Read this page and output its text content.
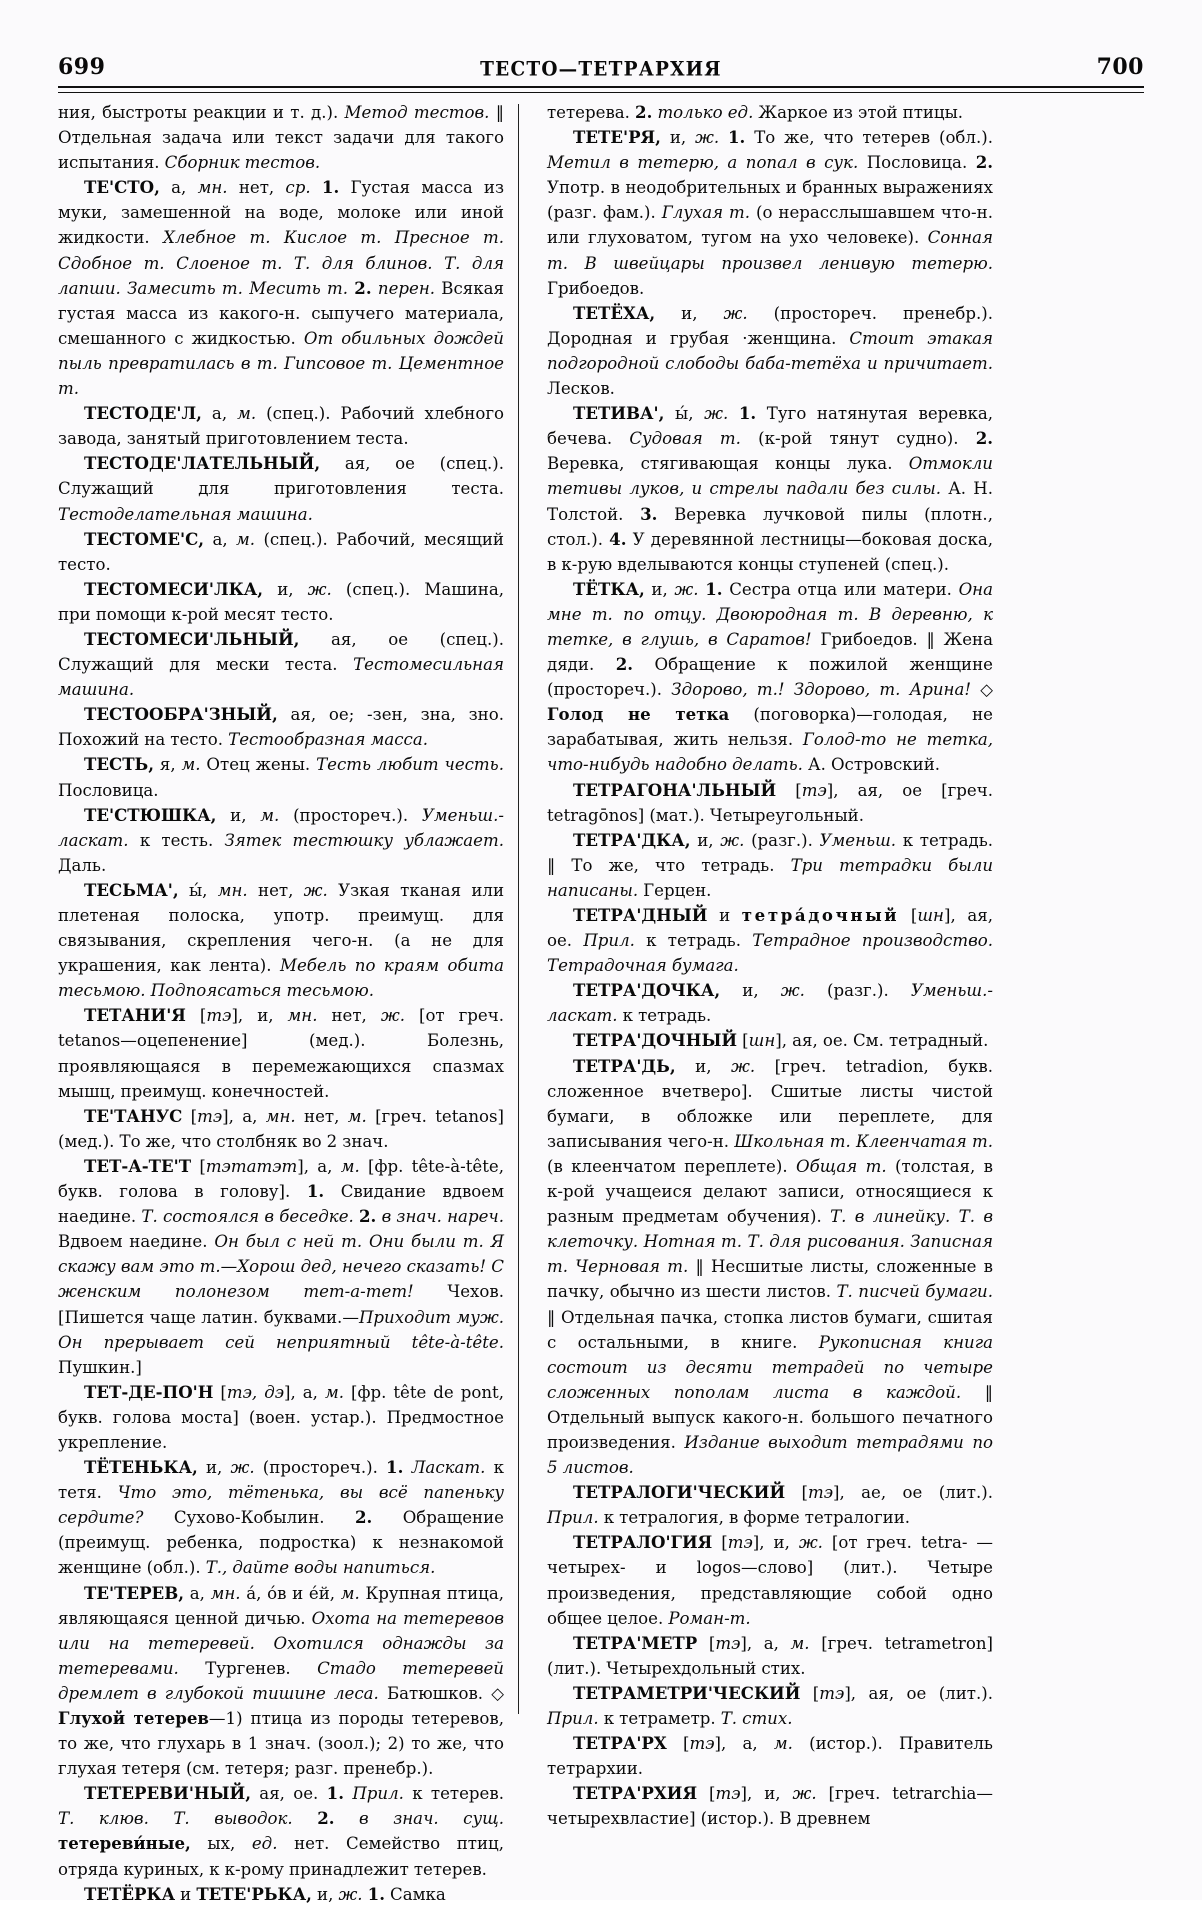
699	ТЕСТО—ТЕТРАРХИЯ	700

ния, быстроты реакции и т. д.). Метод тестов. ‖ Отдельная задача или текст задачи для такого испытания. Сборник тестов.

ТЕ'СТО, а, мн. нет, ср. 1. Густая масса из муки, замешенной на воде, молоке или иной жидкости. Хлебное т. Кислое т. Пресное т. Сдобное т. Слоеное т. Т. для блинов. Т. для лапши. Замесить т. Месить т. 2. перен. Всякая густая масса из какого-н. сыпучего материала, смешанного с жидкостью. От обильных дождей пыль превратилась в т. Гипсовое т. Цементное т.

ТЕСТОДЕ'Л, а, м. (спец.). Рабочий хлебного завода, занятый приготовлением теста.

ТЕСТОДЕ'ЛАТЕЛЬНЫЙ, ая, ое (спец.). Служащий для приготовления теста. Тестоделательная машина.

ТЕСТОМЕ'С, а, м. (спец.). Рабочий, месящий тесто.

ТЕСТОМЕСИ'ЛКА, и, ж. (спец.). Машина, при помощи к-рой месят тесто.

ТЕСТОМЕСИ'ЛЬНЫЙ, ая, ое (спец.). Служащий для мески теста. Тестомесильная машина.

ТЕСТООБРА'ЗНЫЙ, ая, ое; -зен, зна, зно. Похожий на тесто. Тестообразная масса.

ТЕСТЬ, я, м. Отец жены. Тесть любит честь. Пословица.

ТЕ'СТЮШКА, и, м. (простореч.). Уменьш.-ласкат. к тесть. Зятек тестюшку ублажает. Даль.

ТЕСЬМА', ы́, мн. нет, ж. Узкая тканая или плетеная полоска, употр. преимущ. для связывания, скрепления чего-н. (а не для украшения, как лента). Мебель по краям обита тесьмою. Подпоясаться тесьмою.

ТЕТАНИ'Я [тэ], и, мн. нет, ж. [от греч. tetanos—оцепенение] (мед.). Болезнь, проявляющаяся в перемежающихся спазмах мышц, преимущ. конечностей.

ТЕ'ТАНУС [тэ], а, мн. нет, м. [греч. tetanos] (мед.). То же, что столбняк во 2 знач.

ТЕТ-А-ТЕ'Т [тэтатэт], а, м. [фр. tête-à-tête, букв. голова в голову]. 1. Свидание вдвоем наедине. Т. состоялся в беседке. 2. в знач. нареч. Вдвоем наедине. Он был с ней т. Они были т. Я скажу вам это т.—Хорош дед, нечего сказать! С женским полонезом тет-а-тет! Чехов. [Пишется чаще латин. буквами.—Приходит муж. Он прерывает сей неприятный tête-à-tête. Пушкин.]

ТЕТ-ДЕ-ПО'Н [тэ, дэ], а, м. [фр. tête de pont, букв. голова моста] (воен. устар.). Предмостное укрепление.

ТЁТЕНЬКА, и, ж. (простореч.). 1. Ласкат. к тетя. Что это, тётенька, вы всё папеньку сердите? Сухово-Кобылин. 2. Обращение (преимущ. ребенка, подростка) к незнакомой женщине (обл.). Т., дайте воды напиться.

ТЕ'ТЕРЕВ, а, мн. а́, о́в и е́й, м. Крупная птица, являющаяся ценной дичью. Охота на тетеревов или на тетеревей. Охотился однажды за тетеревами. Тургенев. Стадо тетеревей дремлет в глубокой тишине леса. Батюшков. ◇ Глухой тетерев—1) птица из породы тетеревов, то же, что глухарь в 1 знач. (зоол.); 2) то же, что глухая тетеря (см. тетеря; разг. пренебр.).

ТЕТЕРЕВИ'НЫЙ, ая, ое. 1. Прил. к тетерев. Т. клюв. Т. выводок. 2. в знач. сущ. тетереви́ные, ых, ед. нет. Семейство птиц, отряда куриных, к к-рому принадлежит тетерев.

ТЕТЁРКА и ТЕТЕ'РЬКА, и, ж. 1. Самка

тетерева. 2. только ед. Жаркое из этой птицы.

ТЕТЕ'РЯ, и, ж. 1. То же, что тетерев (обл.). Метил в тетерю, а попал в сук. Пословица. 2. Употр. в неодобрительных и бранных выражениях (разг. фам.). Глухая т. (о нерасслышавшем что-н. или глуховатом, тугом на ухо человеке). Сонная т. В швейцары произвел ленивую тетерю. Грибоедов.

ТЕТЁХА, и, ж. (простореч. пренебр.). Дородная и грубая ·женщина. Стоит этакая подгородной слободы баба-тетёха и причитает. Лесков.

ТЕТИВА', ы́, ж. 1. Туго натянутая веревка, бечева. Судовая т. (к-рой тянут судно). 2. Веревка, стягивающая концы лука. Отмокли тетивы луков, и стрелы падали без силы. А. Н. Толстой. 3. Веревка лучковой пилы (плотн., стол.). 4. У деревянной лестницы—боковая доска, в к-рую вделываются концы ступеней (спец.).

ТЁТКА, и, ж. 1. Сестра отца или матери. Она мне т. по отцу. Двоюродная т. В деревню, к тетке, в глушь, в Саратов! Грибоедов. ‖ Жена дяди. 2. Обращение к пожилой женщине (простореч.). Здорово, т.! Здорово, т. Арина! ◇ Голод не тетка (поговорка)—голодая, не зарабатывая, жить нельзя. Голод-то не тетка, что-нибудь надобно делать. А. Островский.

ТЕТРАГОНА'ЛЬНЫЙ [тэ], ая, ое [греч. tetragōnos] (мат.). Четыреугольный.

ТЕТРА'ДКА, и, ж. (разг.). Уменьш. к тетрадь. ‖ То же, что тетрадь. Три тетрадки были написаны. Герцен.

ТЕТРА'ДНЫЙ и тетра́дочный [шн], ая, ое. Прил. к тетрадь. Тетрадное производство. Тетрадочная бумага.

ТЕТРА'ДОЧКА, и, ж. (разг.). Уменьш.-ласкат. к тетрадь.

ТЕТРА'ДОЧНЫЙ [шн], ая, ое. См. тетрадный.

ТЕТРА'ДЬ, и, ж. [греч. tetradion, букв. сложенное вчетверо]. Сшитые листы чистой бумаги, в обложке или переплете, для записывания чего-н. Школьная т. Клеенчатая т. (в клеенчатом переплете). Общая т. (толстая, в к-рой учащеися делают записи, относящиеся к разным предметам обучения). Т. в линейку. Т. в клеточку. Нотная т. Т. для рисования. Записная т. Черновая т. ‖ Несшитые листы, сложенные в пачку, обычно из шести листов. Т. писчей бумаги. ‖ Отдельная пачка, стопка листов бумаги, сшитая с остальными, в книге. Рукописная книга состоит из десяти тетрадей по четыре сложенных пополам листа в каждой. ‖ Отдельный выпуск какого-н. большого печатного произведения. Издание выходит тетрадями по 5 листов.

ТЕТРАЛОГИ'ЧЕСКИЙ [тэ], ае, ое (лит.). Прил. к тетралогия, в форме тетралогии.

ТЕТРАЛО'ГИЯ [тэ], и, ж. [от греч. tetra- —четырех- и logos—слово] (лит.). Четыре произведения, представляющие собой одно общее целое. Роман-т.

ТЕТРА'МЕТР [тэ], а, м. [греч. tetrametron] (лит.). Четырехдольный стих.

ТЕТРАМЕТРИ'ЧЕСКИЙ [тэ], ая, ое (лит.). Прил. к тетраметр. Т. стих.

ТЕТРА'РХ [тэ], а, м. (истор.). Правитель тетрархии.

ТЕТРА'РХИЯ [тэ], и, ж. [греч. tetrarchia—четырехвластие] (истор.). В древнем
